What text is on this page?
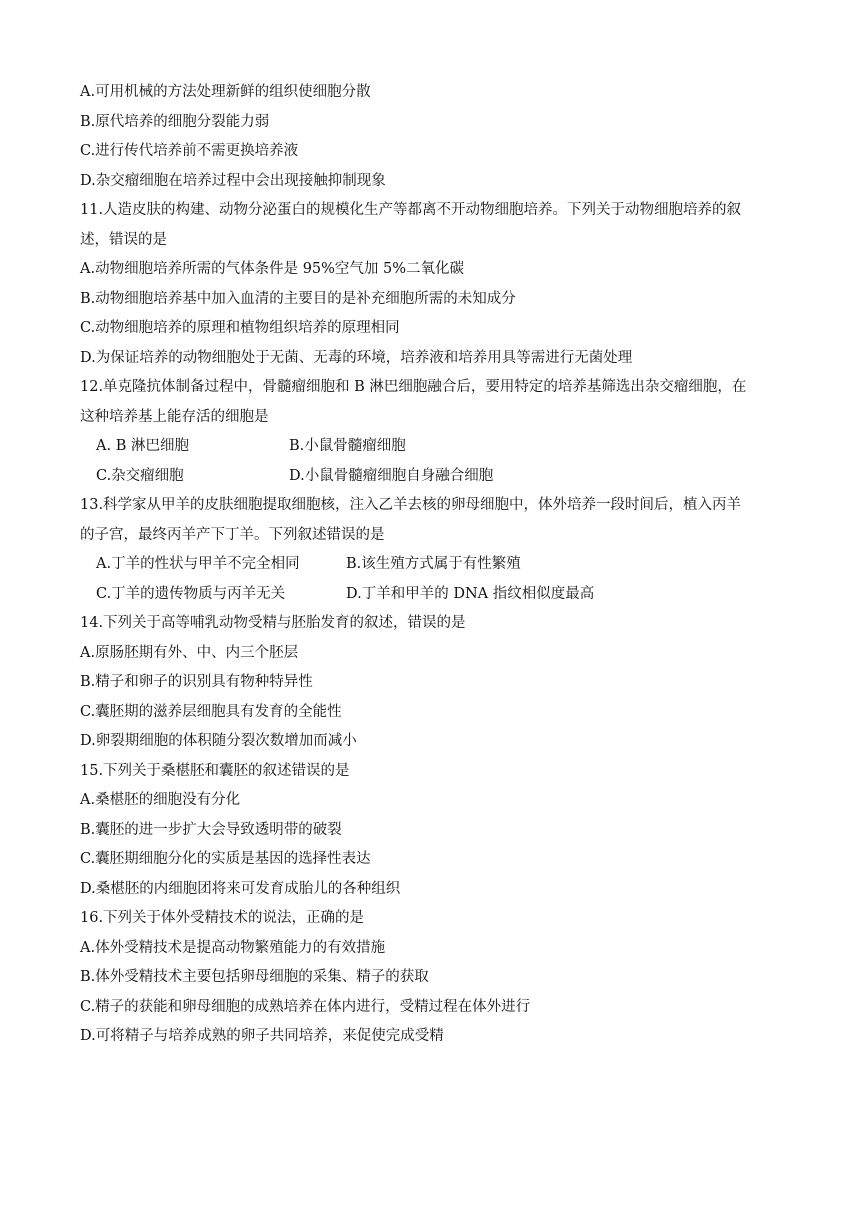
A.可用机械的方法处理新鲜的组织使细胞分散
B.原代培养的细胞分裂能力弱
C.进行传代培养前不需更换培养液
D.杂交瘤细胞在培养过程中会出现接触抑制现象
11.人造皮肤的构建、动物分泌蛋白的规模化生产等都离不开动物细胞培养。下列关于动物细胞培养的叙
述，错误的是
A.动物细胞培养所需的气体条件是 95%空气加 5%二氧化碳
B.动物细胞培养基中加入血清的主要目的是补充细胞所需的未知成分
C.动物细胞培养的原理和植物组织培养的原理相同
D.为保证培养的动物细胞处于无菌、无毒的环境，培养液和培养用具等需进行无菌处理
12.单克隆抗体制备过程中，骨髓瘤细胞和 B 淋巴细胞融合后，要用特定的培养基筛选出杂交瘤细胞，在
这种培养基上能存活的细胞是
A. B 淋巴细胞	B.小鼠骨髓瘤细胞
C.杂交瘤细胞	D.小鼠骨髓瘤细胞自身融合细胞
13.科学家从甲羊的皮肤细胞提取细胞核，注入乙羊去核的卵母细胞中，体外培养一段时间后，植入丙羊
的子宫，最终丙羊产下丁羊。下列叙述错误的是
A.丁羊的性状与甲羊不完全相同	B.该生殖方式属于有性繁殖
C.丁羊的遗传物质与丙羊无关	D.丁羊和甲羊的 DNA 指纹相似度最高
14.下列关于高等哺乳动物受精与胚胎发育的叙述，错误的是
A.原肠胚期有外、中、内三个胚层
B.精子和卵子的识别具有物种特异性
C.囊胚期的滋养层细胞具有发育的全能性
D.卵裂期细胞的体积随分裂次数增加而减小
15.下列关于桑椹胚和囊胚的叙述错误的是
A.桑椹胚的细胞没有分化
B.囊胚的进一步扩大会导致透明带的破裂
C.囊胚期细胞分化的实质是基因的选择性表达
D.桑椹胚的内细胞团将来可发育成胎儿的各种组织
16.下列关于体外受精技术的说法，正确的是
A.体外受精技术是提高动物繁殖能力的有效措施
B.体外受精技术主要包括卵母细胞的采集、精子的获取
C.精子的获能和卵母细胞的成熟培养在体内进行，受精过程在体外进行
D.可将精子与培养成熟的卵子共同培养，来促使完成受精
